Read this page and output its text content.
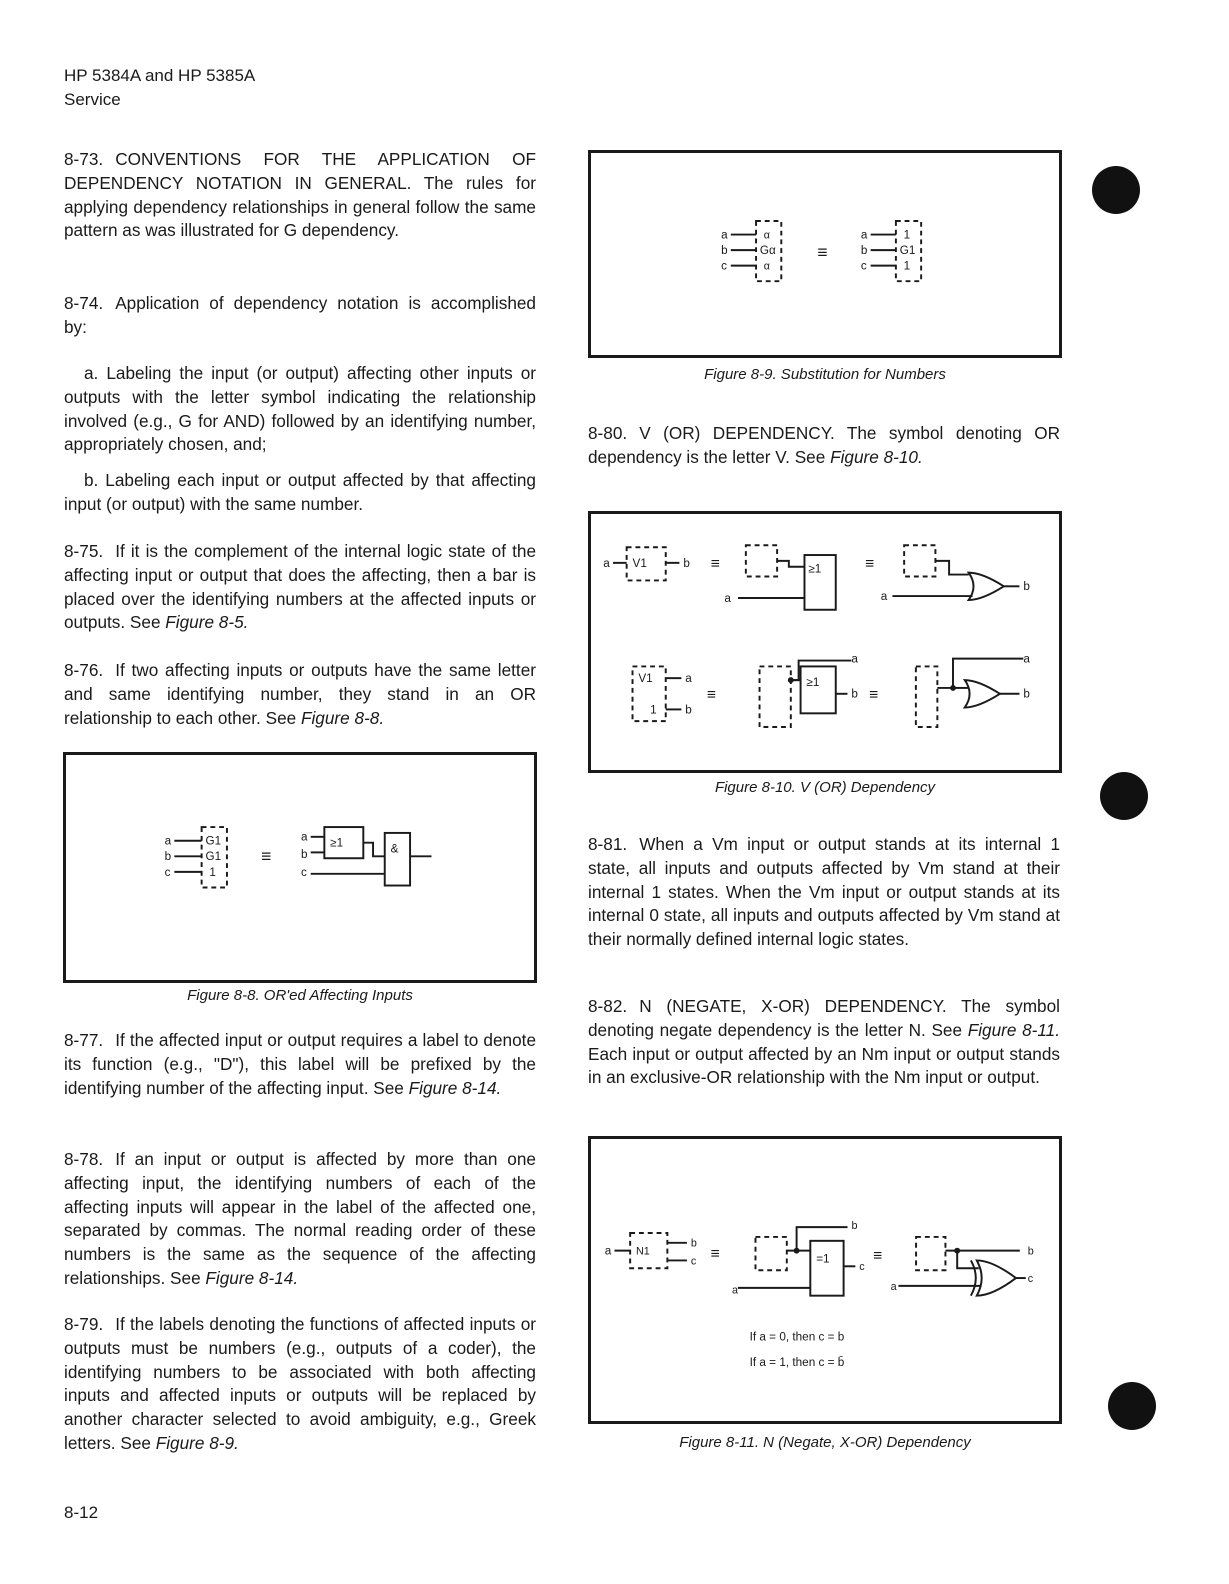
HP 5384A and HP 5385A
Service

8-73. CONVENTIONS FOR THE APPLICATION OF DEPENDENCY NOTATION IN GENERAL. The rules for applying dependency relationships in general follow the same pattern as was illustrated for G dependency.

8-74. Application of dependency notation is accomplished by:

a. Labeling the input (or output) affecting other inputs or outputs with the letter symbol indicating the relationship involved (e.g., G for AND) followed by an identifying number, appropriately chosen, and;

b. Labeling each input or output affected by that affecting input (or output) with the same number.

8-75. If it is the complement of the internal logic state of the affecting input or output that does the affecting, then a bar is placed over the identifying numbers at the affected inputs or outputs. See Figure 8-5.

8-76. If two affecting inputs or outputs have the same letter and same identifying number, they stand in an OR relationship to each other. See Figure 8-8.

a
b
c
G1
G1
1
≡
a
b
c
≥1	&
Figure 8-8. OR'ed Affecting Inputs

8-77. If the affected input or output requires a label to denote its function (e.g., "D"), this label will be prefixed by the identifying number of the affecting input. See Figure 8-14.

8-78. If an input or output is affected by more than one affecting input, the identifying numbers of each of the affecting inputs will appear in the label of the affected one, separated by commas. The normal reading order of these numbers is the same as the sequence of the affecting relationships. See Figure 8-14.

8-79. If the labels denoting the functions of affected inputs or outputs must be numbers (e.g., outputs of a coder), the identifying numbers to be associated with both affecting inputs and affected inputs or outputs will be replaced by another character selected to avoid ambiguity, e.g., Greek letters. See Figure 8-9.

a
b
c
α
Gα
α
≡
a
b
c
1
G1
1
Figure 8-9. Substitution for Numbers

8-80. V (OR) DEPENDENCY. The symbol denoting OR dependency is the letter V. See Figure 8-10.

a V1	b ≡	≥1
a
≡
a
b
V1
1
a
b
≡
≥1
b
a
≡
a
b
Figure 8-10. V (OR) Dependency

8-81. When a Vm input or output stands at its internal 1 state, all inputs and outputs affected by Vm stand at their internal 1 states. When the Vm input or output stands at its internal 0 state, all inputs and outputs affected by Vm stand at their normally defined internal logic states.

8-82. N (NEGATE, X-OR) DEPENDENCY. The symbol denoting negate dependency is the letter N. See Figure 8-11. Each input or output affected by an Nm input or output stands in an exclusive-OR relationship with the Nm input or output.

a N1
b
c ≡	=1
a
c
b
≡
a
b
c
If a = 0, then c = b
If a = 1, then c = b̄
Figure 8-11. N (Negate, X-OR) Dependency
8-12
